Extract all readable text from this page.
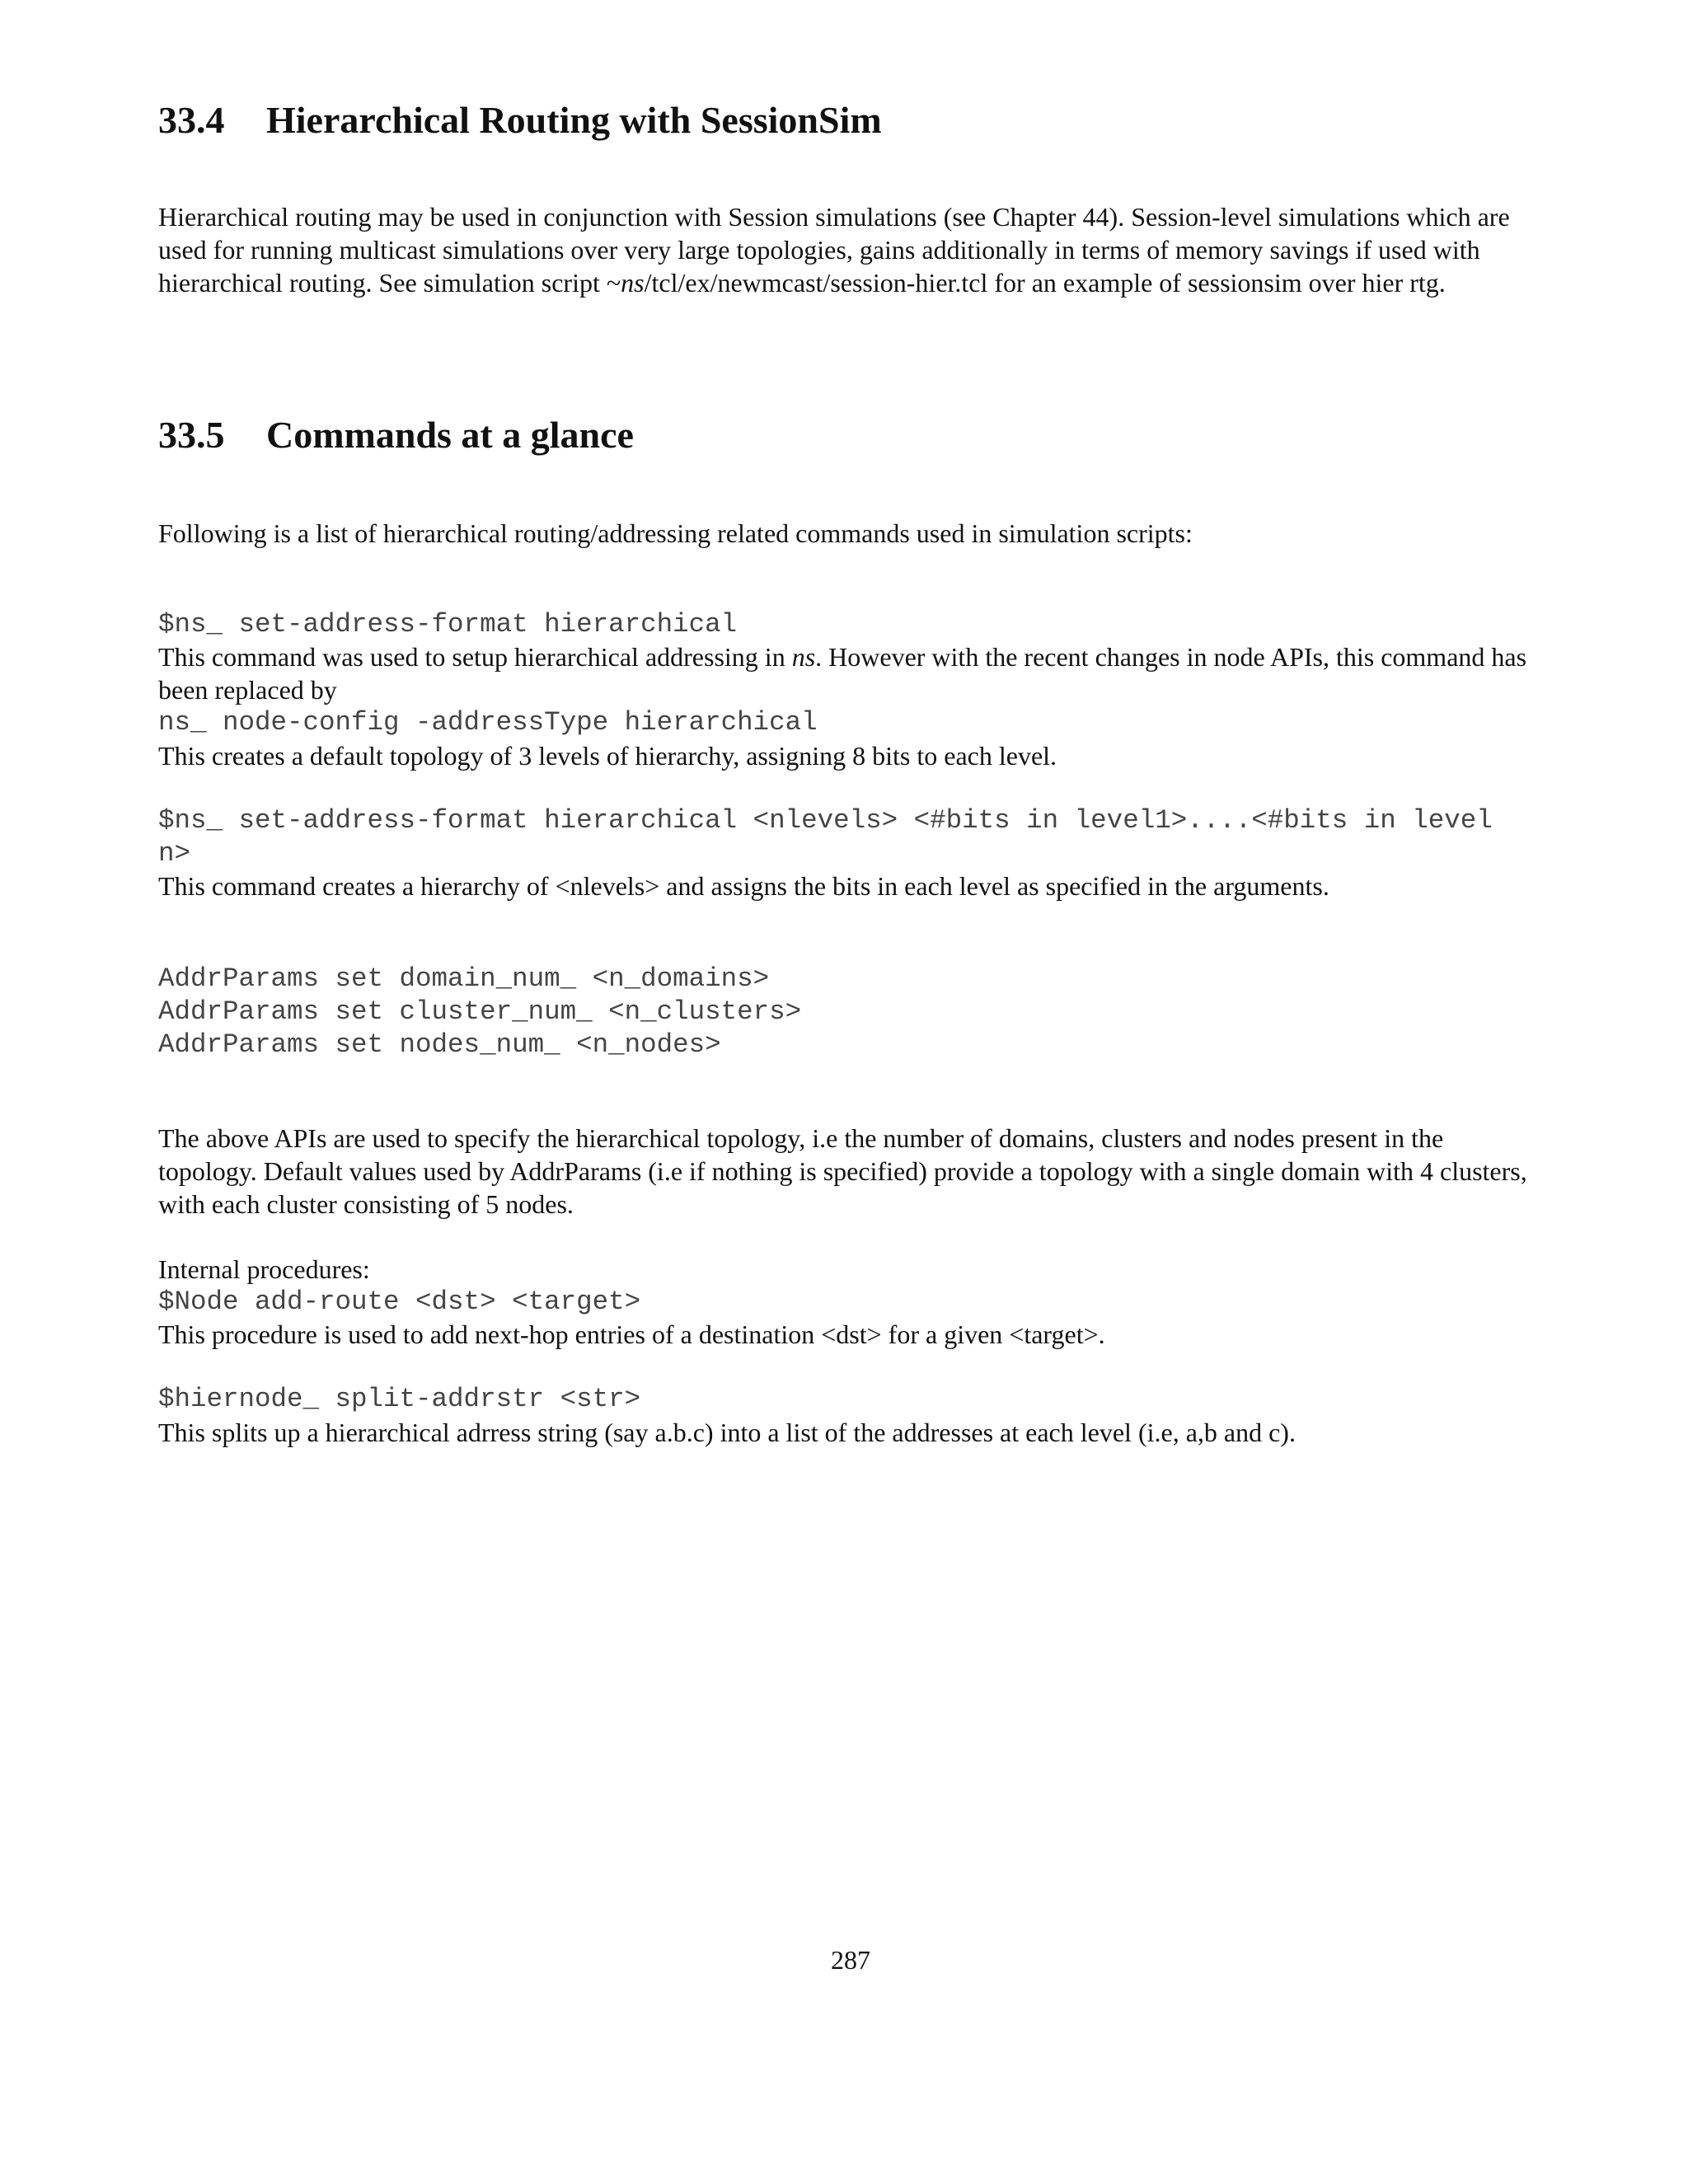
33.4 Hierarchical Routing with SessionSim

Hierarchical routing may be used in conjunction with Session simulations (see Chapter 44). Session-level simulations which are used for running multicast simulations over very large topologies, gains additionally in terms of memory savings if used with hierarchical routing. See simulation script ~ns/tcl/ex/newmcast/session-hier.tcl for an example of sessionsim over hier rtg.

33.5 Commands at a glance

Following is a list of hierarchical routing/addressing related commands used in simulation scripts:

$ns_ set-address-format hierarchical

This command was used to setup hierarchical addressing in ns. However with the recent changes in node APIs, this command has been replaced by

ns_ node-config -addressType hierarchical

This creates a default topology of 3 levels of hierarchy, assigning 8 bits to each level.

$ns_ set-address-format hierarchical <nlevels> <#bits in level1>....<#bits in level
n>

This command creates a hierarchy of <nlevels> and assigns the bits in each level as specified in the arguments.

AddrParams set domain_num_ <n_domains>
AddrParams set cluster_num_ <n_clusters>
AddrParams set nodes_num_ <n_nodes>

The above APIs are used to specify the hierarchical topology, i.e the number of domains, clusters and nodes present in the topology. Default values used by AddrParams (i.e if nothing is specified) provide a topology with a single domain with 4 clusters, with each cluster consisting of 5 nodes.

Internal procedures:

$Node add-route <dst> <target>

This procedure is used to add next-hop entries of a destination <dst> for a given <target>.

$hiernode_ split-addrstr <str>

This splits up a hierarchical adrress string (say a.b.c) into a list of the addresses at each level (i.e, a,b and c).

287
